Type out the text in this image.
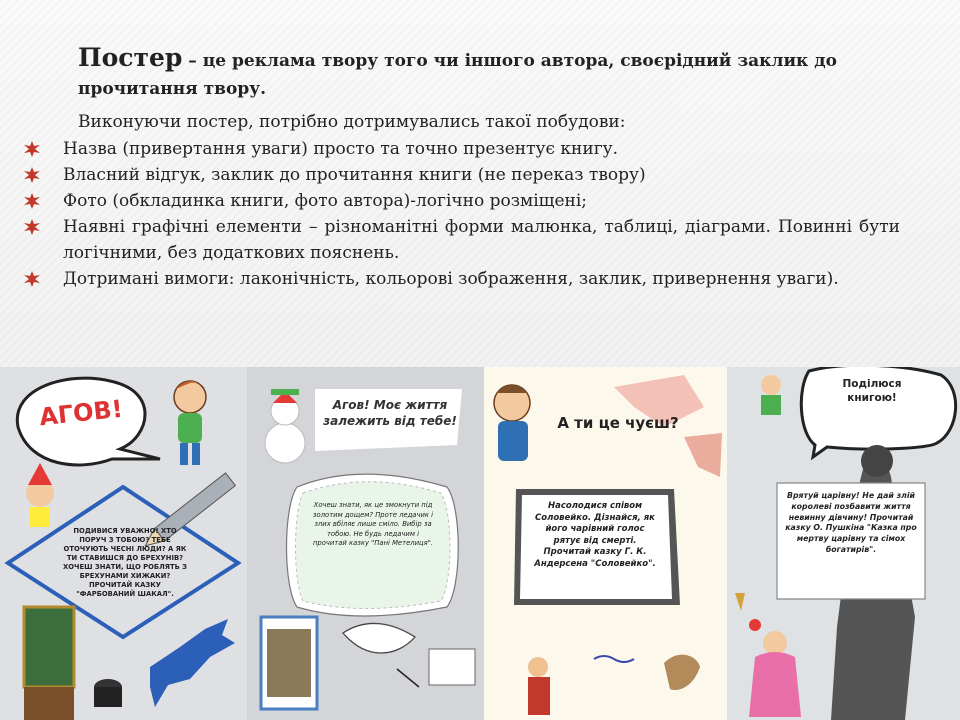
Постер – це реклама твору того чи іншого автора, своєрідний заклик до прочитання твору.
Виконуючи постер, потрібно дотримувались такої побудови:
Назва (привертання уваги) просто та точно презентує книгу.
Власний відгук, заклик до прочитання книги (не переказ твору)
Фото (обкладинка книги, фото автора)-логічно розміщені;
Наявні графічні елементи – різноманітні форми малюнка, таблиці, діаграми. Повинні бути логічними, без додаткових пояснень.
Дотримані вимоги: лаконічність, кольорові зображення, заклик, привернення уваги).
АГОВ!
ПОДИВИСЯ УВАЖНО! ХТО ПОРУЧ З ТОБОЮ? ТЕБЕ ОТОЧУЮТЬ ЧЕСНІ ЛЮДИ? А ЯК ТИ СТАВИШСЯ ДО БРЕХУНІВ? ХОЧЕШ ЗНАТИ, ЩО РОБЛЯТЬ З БРЕХУНАМИ ХИЖАКИ? ПРОЧИТАЙ КАЗКУ "ФАРБОВАНИЙ ШАКАЛ".
Агов! Моє життя залежить від тебе!
Хочеш знати, як це змокнути під золотим дощем? Проте ледачик і злих вбіляє лише сміло. Вибір за тобою. Не будь ледачим і прочитай казку "Пані Метелиця".
А ти це чуєш?
Насолодися співом Соловейко. Дізнайся, як його чарівний голос рятує від смерті. Прочитай казку Г. К. Андерсена "Соловейко".
Поділюся книгою!
Врятуй царівну! Не дай злій королеві позбавити життя невинну дівчину! Прочитай казку О. Пушкіна "Казка про мертву царівну та сімох богатирів".
